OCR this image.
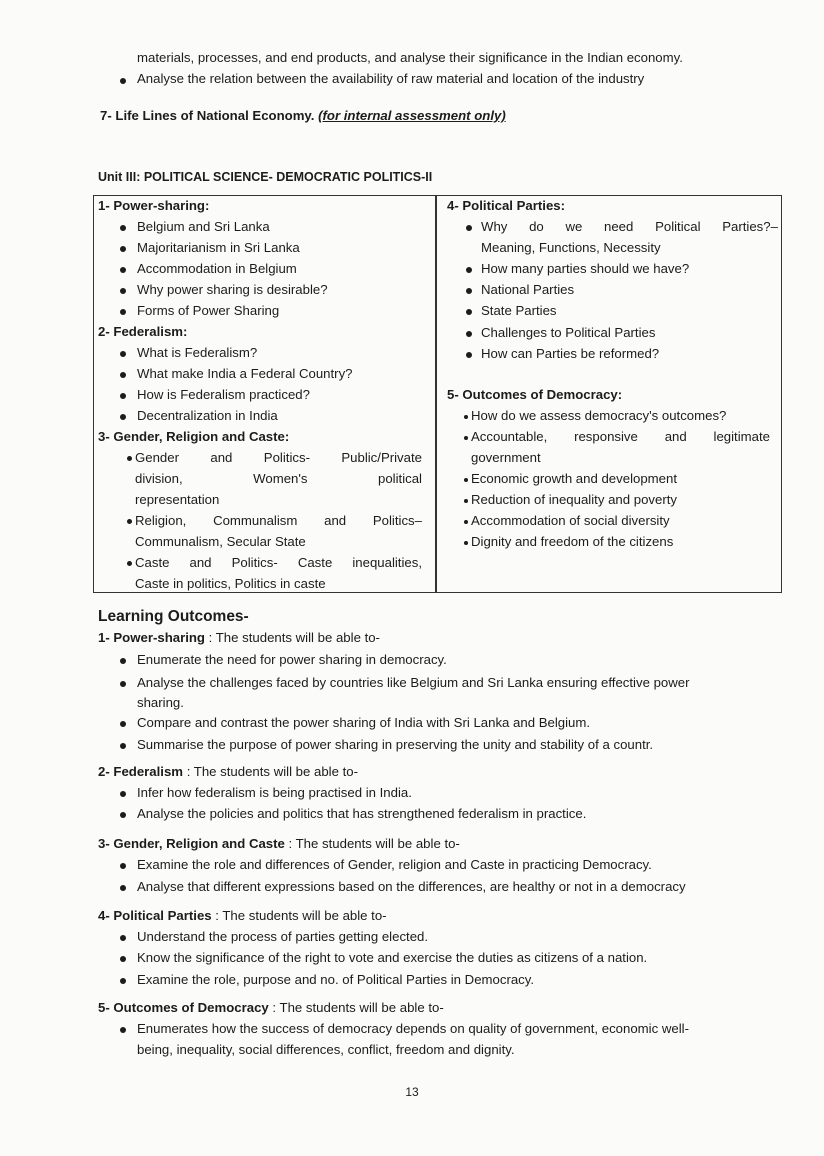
materials, processes, and end products, and analyse their significance in the Indian economy.
Analyse the relation between the availability of raw material and location of the industry
7- Life Lines of National Economy. (for internal assessment only)
Unit III: POLITICAL SCIENCE- DEMOCRATIC POLITICS-II
1- Power-sharing:
Belgium and Sri Lanka
Majoritarianism in Sri Lanka
Accommodation in Belgium
Why power sharing is desirable?
Forms of Power Sharing
2- Federalism:
What is Federalism?
What make India a Federal Country?
How is Federalism practiced?
Decentralization in India
3- Gender, Religion and Caste:
Gender and Politics- Public/Private
division,	Women's	political
representation
Religion, Communalism and Politics–
Communalism, Secular State
Caste and Politics- Caste inequalities,
Caste in politics, Politics in caste
4- Political Parties:
Why do we need Political Parties?–
Meaning, Functions, Necessity
How many parties should we have?
National Parties
State Parties
Challenges to Political Parties
How can Parties be reformed?
5- Outcomes of Democracy:
How do we assess democracy's outcomes?
Accountable, responsive and legitimate
government
Economic growth and development
Reduction of inequality and poverty
Accommodation of social diversity
Dignity and freedom of the citizens
Learning Outcomes-
1- Power-sharing : The students will be able to-
Enumerate the need for power sharing in democracy.
Analyse the challenges faced by countries like Belgium and Sri Lanka ensuring effective power
sharing.
Compare and contrast the power sharing of India with Sri Lanka and Belgium.
Summarise the purpose of power sharing in preserving the unity and stability of a countr.
2- Federalism : The students will be able to-
Infer how federalism is being practised in India.
Analyse the policies and politics that has strengthened federalism in practice.
3- Gender, Religion and Caste : The students will be able to-
Examine the role and differences of Gender, religion and Caste in practicing Democracy.
Analyse that different expressions based on the differences, are healthy or not in a democracy
4- Political Parties : The students will be able to-
Understand the process of parties getting elected.
Know the significance of the right to vote and exercise the duties as citizens of a nation.
Examine the role, purpose and no. of Political Parties in Democracy.
5- Outcomes of Democracy : The students will be able to-
Enumerates how the success of democracy depends on quality of government, economic well-
being, inequality, social differences, conflict, freedom and dignity.
13
